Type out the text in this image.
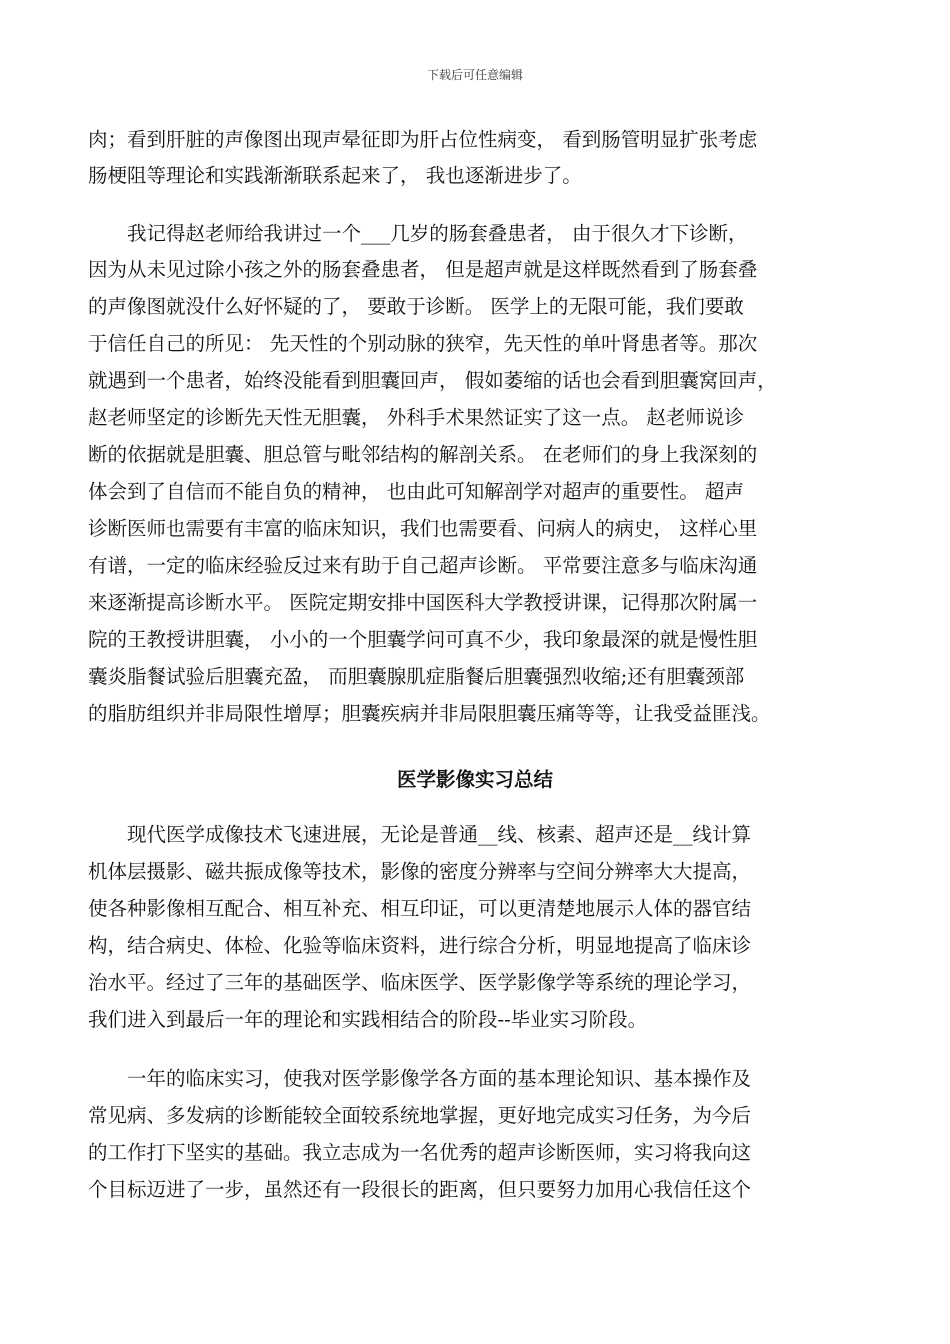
下载后可任意编辑
肉；看到肝脏的声像图出现声晕征即为肝占位性病变， 看到肠管明显扩张考虑
肠梗阻等理论和实践渐渐联系起来了， 我也逐渐进步了。
　　我记得赵老师给我讲过一个___几岁的肠套叠患者， 由于很久才下诊断，
因为从未见过除小孩之外的肠套叠患者， 但是超声就是这样既然看到了肠套叠
的声像图就没什么好怀疑的了， 要敢于诊断。 医学上的无限可能，我们要敢
于信任自己的所见： 先天性的个别动脉的狭窄，先天性的单叶肾患者等。那次
就遇到一个患者，始终没能看到胆囊回声， 假如萎缩的话也会看到胆囊窝回声，
赵老师坚定的诊断先天性无胆囊， 外科手术果然证实了这一点。 赵老师说诊
断的依据就是胆囊、胆总管与毗邻结构的解剖关系。 在老师们的身上我深刻的
体会到了自信而不能自负的精神， 也由此可知解剖学对超声的重要性。 超声
诊断医师也需要有丰富的临床知识，我们也需要看、问病人的病史， 这样心里
有谱，一定的临床经验反过来有助于自己超声诊断。 平常要注意多与临床沟通
来逐渐提高诊断水平。 医院定期安排中国医科大学教授讲课，记得那次附属一
院的王教授讲胆囊， 小小的一个胆囊学问可真不少，我印象最深的就是慢性胆
囊炎脂餐试验后胆囊充盈， 而胆囊腺肌症脂餐后胆囊强烈收缩;还有胆囊颈部
的脂肪组织并非局限性增厚；胆囊疾病并非局限胆囊压痛等等，让我受益匪浅。
医学影像实习总结
　　现代医学成像技术飞速进展，无论是普通__线、核素、超声还是__线计算
机体层摄影、磁共振成像等技术，影像的密度分辨率与空间分辨率大大提高，
使各种影像相互配合、相互补充、相互印证，可以更清楚地展示人体的器官结
构，结合病史、体检、化验等临床资料，进行综合分析，明显地提高了临床诊
治水平。经过了三年的基础医学、临床医学、医学影像学等系统的理论学习，
我们进入到最后一年的理论和实践相结合的阶段--毕业实习阶段。
　　一年的临床实习，使我对医学影像学各方面的基本理论知识、基本操作及
常见病、多发病的诊断能较全面较系统地掌握，更好地完成实习任务，为今后
的工作打下坚实的基础。我立志成为一名优秀的超声诊断医师，实习将我向这
个目标迈进了一步，虽然还有一段很长的距离，但只要努力加用心我信任这个
